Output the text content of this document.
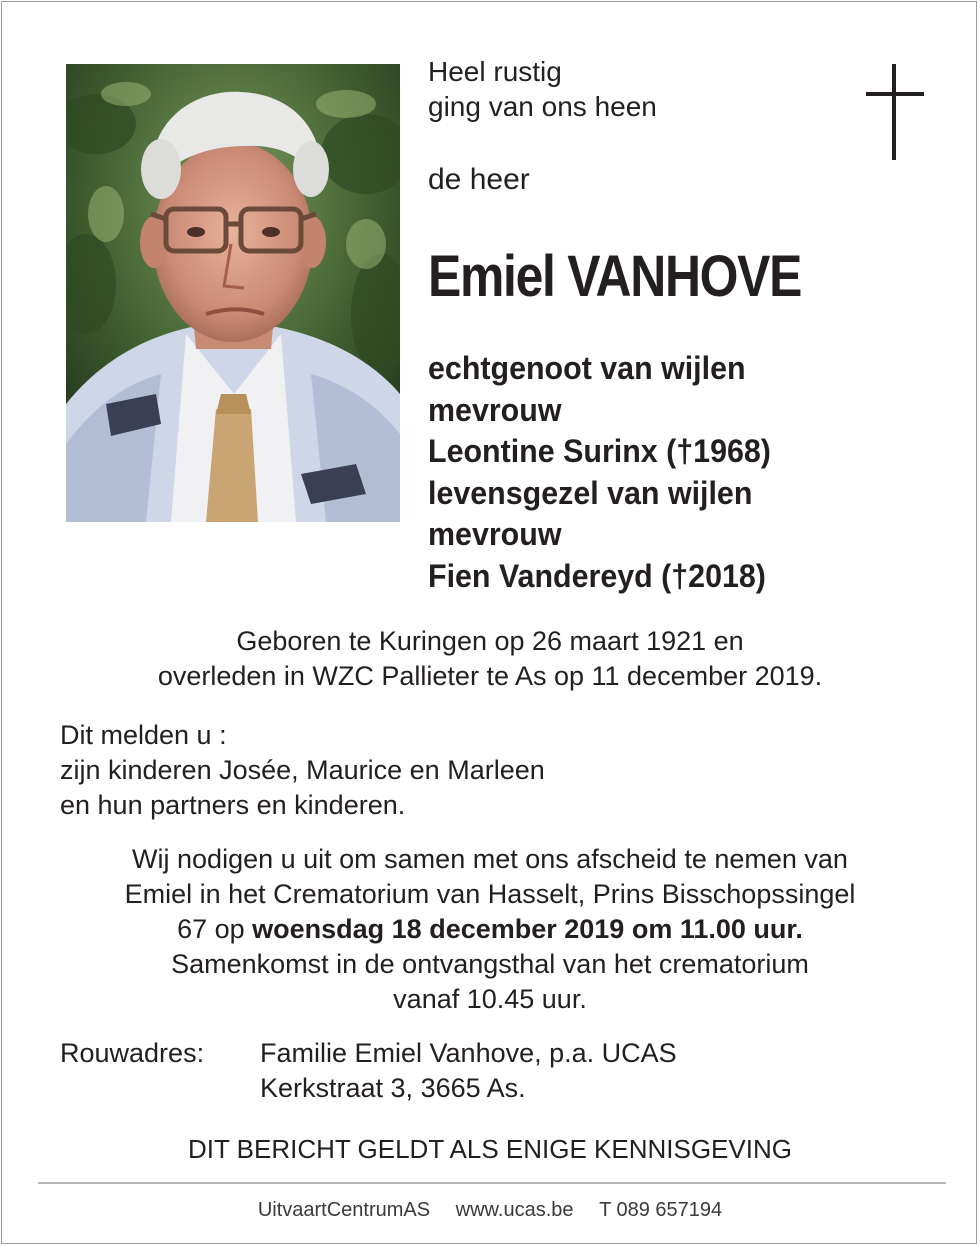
Heel rustig
ging van ons heen
de heer
Emiel VANHOVE
echtgenoot van wijlen
mevrouw
Leontine Surinx (†1968)
levensgezel van wijlen
mevrouw
Fien Vandereyd (†2018)
Geboren te Kuringen op 26 maart 1921 en
overleden in WZC Pallieter te As op 11 december 2019.
Dit melden u :
zijn kinderen Josée, Maurice en Marleen
en hun partners en kinderen.
Wij nodigen u uit om samen met ons afscheid te nemen van
Emiel in het Crematorium van Hasselt, Prins Bisschopssingel
67 op woensdag 18 december 2019 om 11.00 uur.
Samenkomst in de ontvangsthal van het crematorium
vanaf 10.45 uur.
Rouwadres: Familie Emiel Vanhove, p.a. UCAS
Kerkstraat 3, 3665 As.
DIT BERICHT GELDT ALS ENIGE KENNISGEVING
UitvaartCentrumAS www.ucas.be T 089 657194
